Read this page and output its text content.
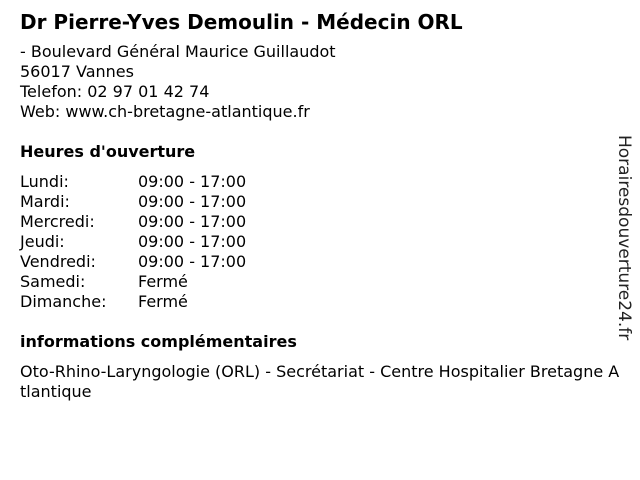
Dr Pierre-Yves Demoulin - Médecin ORL
- Boulevard Général Maurice Guillaudot
56017 Vannes
Telefon: 02 97 01 42 74
Web: www.ch-bretagne-atlantique.fr
Heures d'ouverture
Lundi:	09:00 - 17:00
Mardi:	09:00 - 17:00
Mercredi:	09:00 - 17:00
Jeudi:	09:00 - 17:00
Vendredi:	09:00 - 17:00
Samedi:	Fermé
Dimanche:	Fermé
informations complémentaires
Oto-Rhino-Laryngologie (ORL) - Secrétariat - Centre Hospitalier Bretagne Atlantique
Horairesdouverture24.fr
